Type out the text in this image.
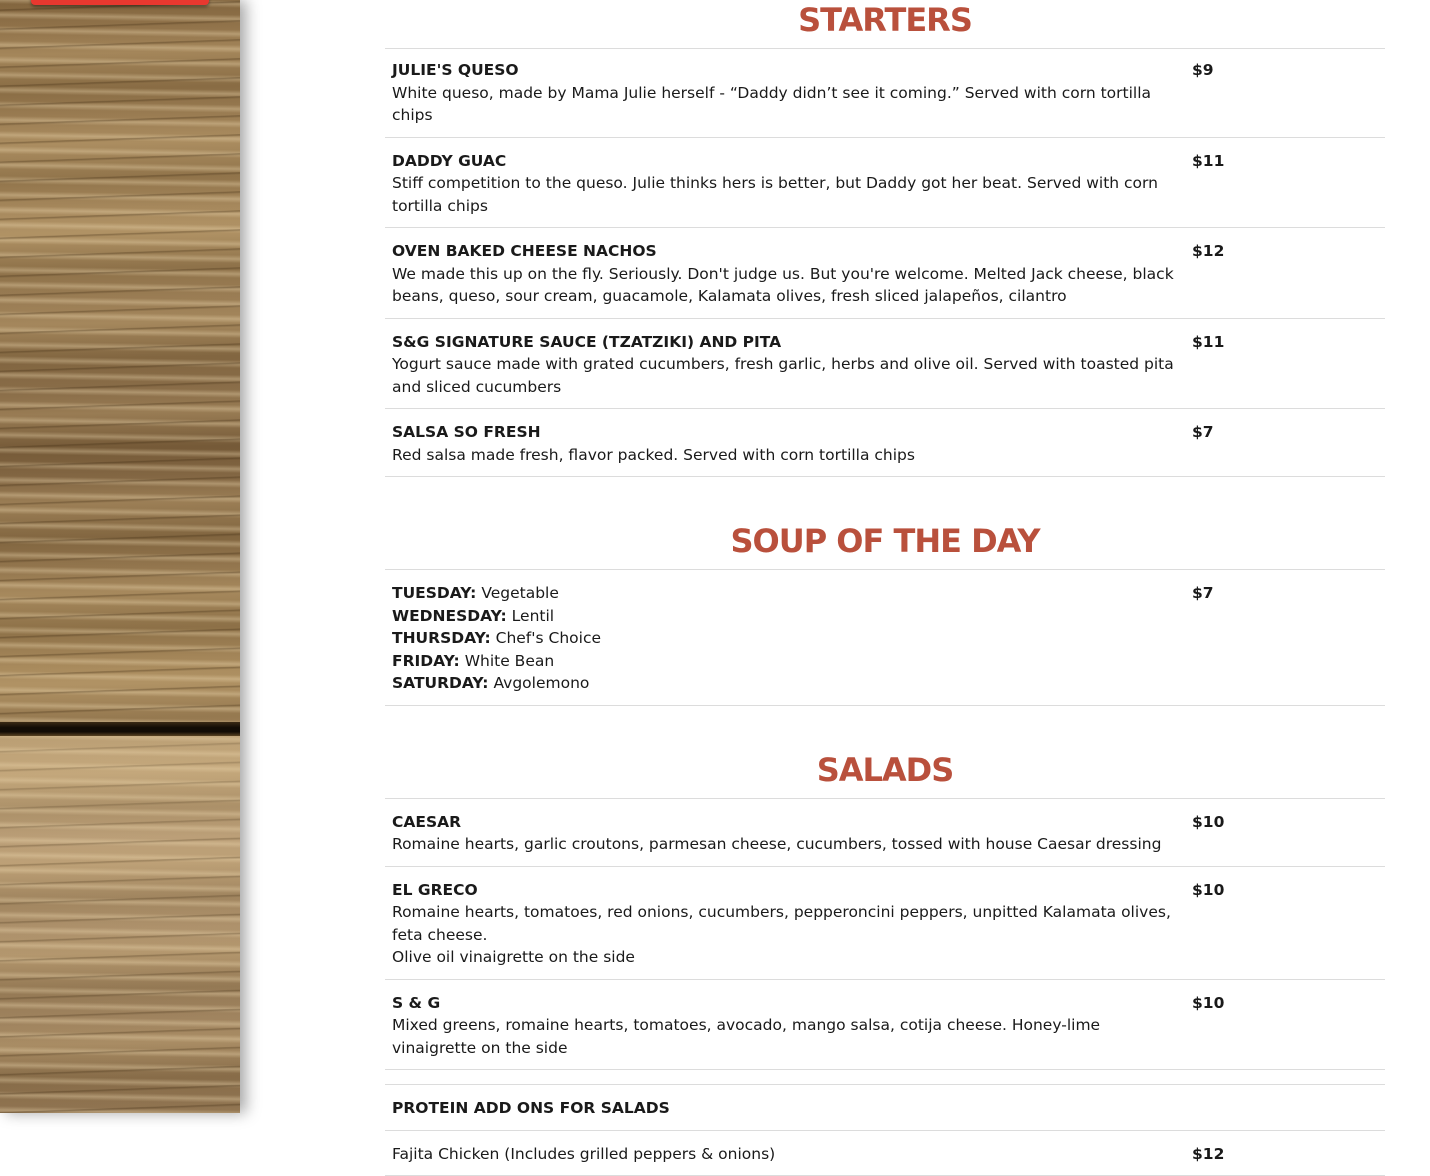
STARTERS
JULIE'S QUESO
White queso, made by Mama Julie herself - “Daddy didn’t see it coming.” Served with corn tortilla chips	$9

DADDY GUAC
Stiff competition to the queso. Julie thinks hers is better, but Daddy got her beat. Served with corn tortilla chips	$11

OVEN BAKED CHEESE NACHOS
We made this up on the fly. Seriously. Don't judge us. But you're welcome. Melted Jack cheese, black beans, queso, sour cream, guacamole, Kalamata olives, fresh sliced jalapeños, cilantro	$12

S&G SIGNATURE SAUCE (TZATZIKI) AND PITA
Yogurt sauce made with grated cucumbers, fresh garlic, herbs and olive oil. Served with toasted pita and sliced cucumbers	$11

SALSA SO FRESH
Red salsa made fresh, flavor packed. Served with corn tortilla chips	$7
SOUP OF THE DAY
TUESDAY: Vegetable
WEDNESDAY: Lentil
THURSDAY: Chef's Choice
FRIDAY: White Bean
SATURDAY: Avgolemono
	$7
SALADS
CAESAR
Romaine hearts, garlic croutons, parmesan cheese, cucumbers, tossed with house Caesar dressing	$10

EL GRECO
Romaine hearts, tomatoes, red onions, cucumbers, pepperoncini peppers, unpitted Kalamata olives, feta cheese.
Olive oil vinaigrette on the side	$10

S & G
Mixed greens, romaine hearts, tomatoes, avocado, mango salsa, cotija cheese. Honey-lime vinaigrette on the side	$10
PROTEIN ADD ONS FOR SALADS

Fajita Chicken (Includes grilled peppers & onions)	$12
